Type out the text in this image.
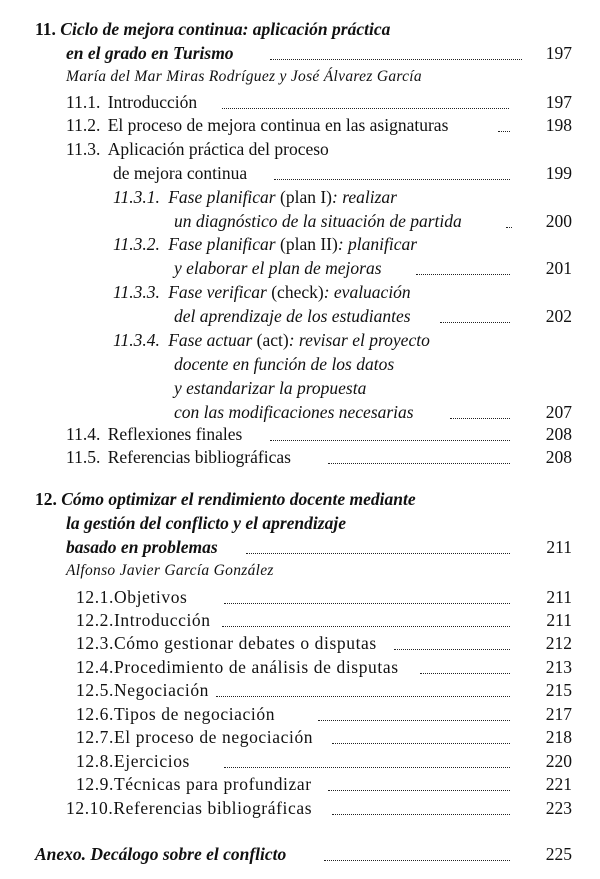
11. Ciclo de mejora continua: aplicación práctica
en el grado en Turismo	197
María del Mar Miras Rodríguez y José Álvarez García
11.1. Introducción	197
11.2. El proceso de mejora continua en las asignaturas	198
11.3. Aplicación práctica del proceso
de mejora continua	199
11.3.1. Fase planificar (plan I): realizar
un diagnóstico de la situación de partida	200
11.3.2. Fase planificar (plan II): planificar
y elaborar el plan de mejoras	201
11.3.3. Fase verificar (check): evaluación
del aprendizaje de los estudiantes	202
11.3.4. Fase actuar (act): revisar el proyecto
docente en función de los datos
y estandarizar la propuesta
con las modificaciones necesarias	207
11.4. Reflexiones finales	208
11.5. Referencias bibliográficas	208
12. Cómo optimizar el rendimiento docente mediante
la gestión del conflicto y el aprendizaje
basado en problemas	211
Alfonso Javier García González
12.1.Objetivos	211
12.2.Introducción	211
12.3.Cómo gestionar debates o disputas	212
12.4.Procedimiento de análisis de disputas	213
12.5.Negociación	215
12.6.Tipos de negociación	217
12.7.El proceso de negociación	218
12.8.Ejercicios	220
12.9.Técnicas para profundizar	221
12.10.Referencias bibliográficas	223
Anexo. Decálogo sobre el conflicto	225
